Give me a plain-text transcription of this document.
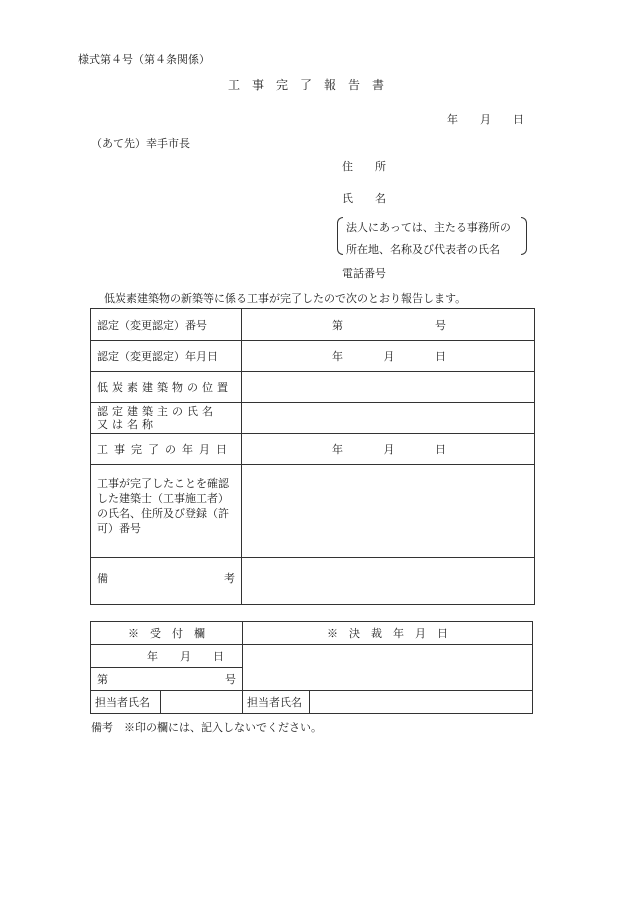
様式第４号（第４条関係）
工　事　完　了　報　告　書
年　　月　　日
（あて先）幸手市長
住　　所
氏　　名
法人にあっては、主たる事務所の
所在地、名称及び代表者の氏名
電話番号
低炭素建築物の新築等に係る工事が完了したので次のとおり報告します。
認定（変更認定）番号	第 号

認定（変更認定）年月日	年 月 日

低炭素建築物の位置	

認定建築主の氏名
又は名称	

工事完了の年月日	年 月 日

工事が完了したことを確認
した建築士（工事施工者）
の氏名、住所及び登録（許
可）番号	

備 考	

※　受　付　欄		※　決　裁　年　月　日	
年　　月　　日			

第 号			

担当者氏名		担当者氏名	
備考　※印の欄には、記入しないでください。
